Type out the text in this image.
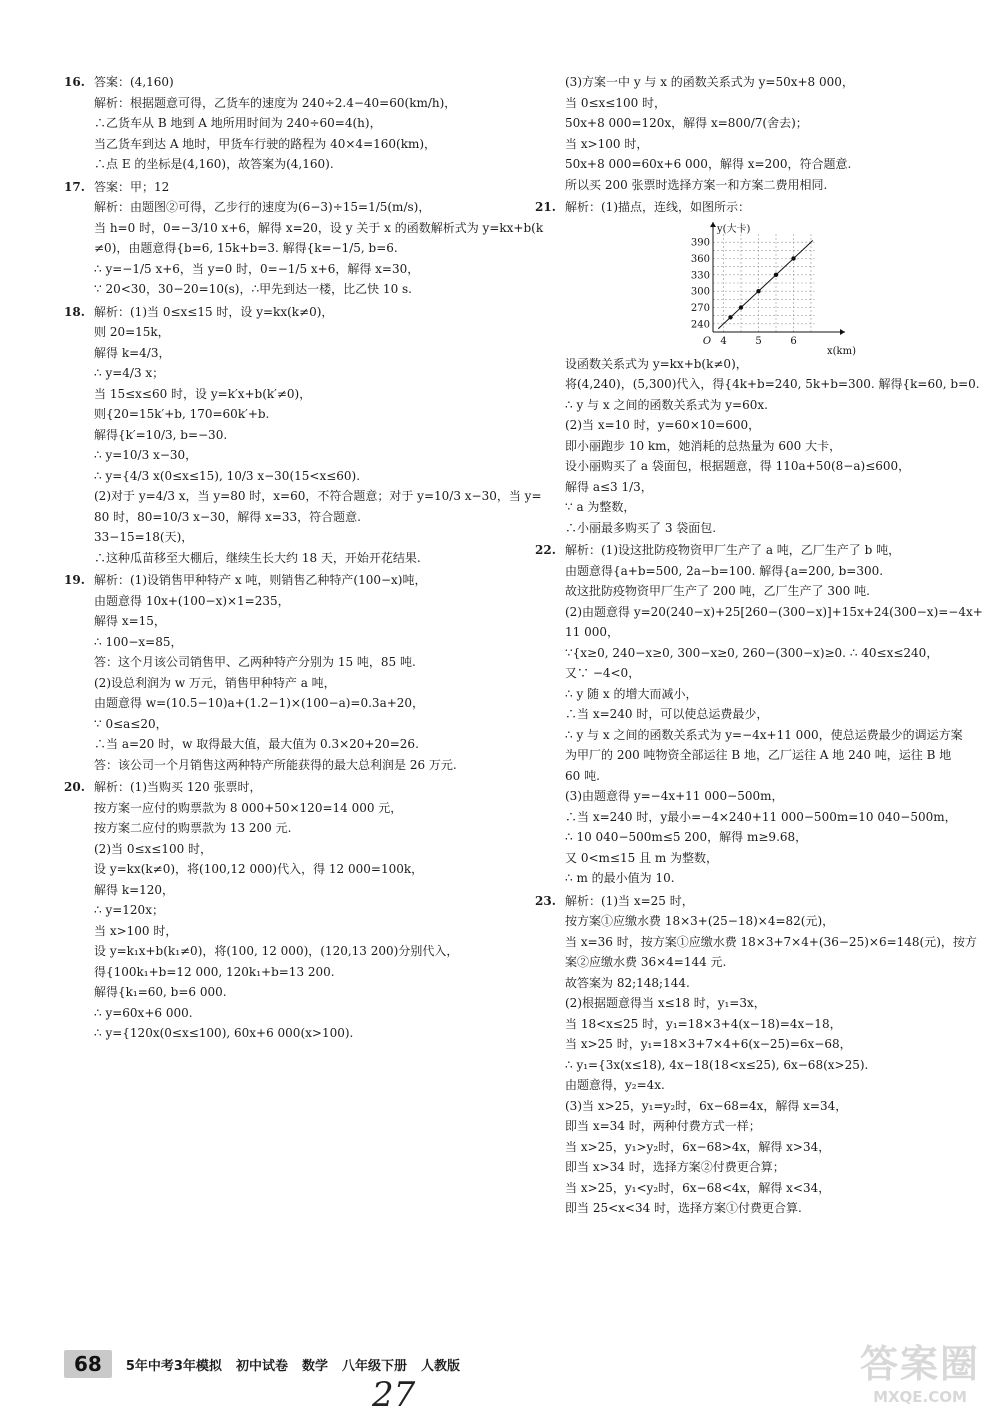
16. 答案：(4,160)
解析：根据题意可得，乙货车的速度为 240÷2.4−40=60(km/h)，
∴乙货车从 B 地到 A 地所用时间为 240÷60=4(h)，
当乙货车到达 A 地时，甲货车行驶的路程为 40×4=160(km)，
∴点 E 的坐标是(4,160)，故答案为(4,160).
17. 答案：甲；12
解析：由题图②可得，乙步行的速度为(6−3)÷15=1/5(m/s)，
当 h=0 时，0=−3/10 x+6，解得 x=20，设 y 关于 x 的函数解析式为 y=kx+b(k
≠0)，由题意得{b=6, 15k+b=3. 解得{k=−1/5, b=6.
∴ y=−1/5 x+6，当 y=0 时，0=−1/5 x+6，解得 x=30，
∵ 20<30，30−20=10(s)，∴甲先到达一楼，比乙快 10 s.
18. 解析：(1)当 0≤x≤15 时，设 y=kx(k≠0)，
则 20=15k，
解得 k=4/3，
∴ y=4/3 x；
当 15≤x≤60 时，设 y=k′x+b(k′≠0)，
则{20=15k′+b, 170=60k′+b.
解得{k′=10/3, b=−30.
∴ y=10/3 x−30，
∴ y={4/3 x(0≤x≤15), 10/3 x−30(15<x≤60).
(2)对于 y=4/3 x，当 y=80 时，x=60，不符合题意；对于 y=10/3 x−30，当 y=
80 时，80=10/3 x−30，解得 x=33，符合题意.
33−15=18(天)，
∴这种瓜苗移至大棚后，继续生长大约 18 天，开始开花结果.
19. 解析：(1)设销售甲种特产 x 吨，则销售乙种特产(100−x)吨，
由题意得 10x+(100−x)×1=235，
解得 x=15，
∴ 100−x=85，
答：这个月该公司销售甲、乙两种特产分别为 15 吨，85 吨.
(2)设总利润为 w 万元，销售甲种特产 a 吨，
由题意得 w=(10.5−10)a+(1.2−1)×(100−a)=0.3a+20，
∵ 0≤a≤20，
∴当 a=20 时，w 取得最大值，最大值为 0.3×20+20=26.
答：该公司一个月销售这两种特产所能获得的最大总利润是 26 万元.
20. 解析：(1)当购买 120 张票时，
按方案一应付的购票款为 8 000+50×120=14 000 元，
按方案二应付的购票款为 13 200 元.
(2)当 0≤x≤100 时，
设 y=kx(k≠0)，将(100,12 000)代入，得 12 000=100k，
解得 k=120，
∴ y=120x；
当 x>100 时，
设 y=k₁x+b(k₁≠0)，将(100, 12 000)，(120,13 200)分别代入，
得{100k₁+b=12 000, 120k₁+b=13 200.
解得{k₁=60, b=6 000.
∴ y=60x+6 000.
∴ y={120x(0≤x≤100), 60x+6 000(x>100).
(3)方案一中 y 与 x 的函数关系式为 y=50x+8 000，
当 0≤x≤100 时，
50x+8 000=120x，解得 x=800/7(舍去)；
当 x>100 时，
50x+8 000=60x+6 000，解得 x=200，符合题意.
所以买 200 张票时选择方案一和方案二费用相同.
21. 解析：(1)描点，连线，如图所示：
240
270
300
330
360
390
4	5	6
O
x(km)
y(大卡)
设函数关系式为 y=kx+b(k≠0)，
将(4,240)，(5,300)代入，得{4k+b=240, 5k+b=300. 解得{k=60, b=0.
∴ y 与 x 之间的函数关系式为 y=60x.
(2)当 x=10 时，y=60×10=600，
即小丽跑步 10 km，她消耗的总热量为 600 大卡，
设小丽购买了 a 袋面包，根据题意，得 110a+50(8−a)≤600，
解得 a≤3 1/3，
∵ a 为整数，
∴小丽最多购买了 3 袋面包.
22. 解析：(1)设这批防疫物资甲厂生产了 a 吨，乙厂生产了 b 吨，
由题意得{a+b=500, 2a−b=100. 解得{a=200, b=300.
故这批防疫物资甲厂生产了 200 吨，乙厂生产了 300 吨.
(2)由题意得 y=20(240−x)+25[260−(300−x)]+15x+24(300−x)=−4x+
11 000，
∵{x≥0, 240−x≥0, 300−x≥0, 260−(300−x)≥0. ∴ 40≤x≤240，
又∵ −4<0，
∴ y 随 x 的增大而减小，
∴当 x=240 时，可以使总运费最少，
∴ y 与 x 之间的函数关系式为 y=−4x+11 000，使总运费最少的调运方案
为甲厂的 200 吨物资全部运往 B 地，乙厂运往 A 地 240 吨，运往 B 地
60 吨.
(3)由题意得 y=−4x+11 000−500m，
∴当 x=240 时，y最小=−4×240+11 000−500m=10 040−500m，
∴ 10 040−500m≤5 200，解得 m≥9.68，
又 0<m≤15 且 m 为整数，
∴ m 的最小值为 10.
23. 解析：(1)当 x=25 时，
按方案①应缴水费 18×3+(25−18)×4=82(元)，
当 x=36 时，按方案①应缴水费 18×3+7×4+(36−25)×6=148(元)，按方
案②应缴水费 36×4=144 元.
故答案为 82;148;144.
(2)根据题意得当 x≤18 时，y₁=3x，
当 18<x≤25 时，y₁=18×3+4(x−18)=4x−18，
当 x>25 时，y₁=18×3+7×4+6(x−25)=6x−68，
∴ y₁={3x(x≤18), 4x−18(18<x≤25), 6x−68(x>25).
由题意得，y₂=4x.
(3)当 x>25，y₁=y₂时，6x−68=4x，解得 x=34，
即当 x=34 时，两种付费方式一样；
当 x>25，y₁>y₂时，6x−68>4x，解得 x>34，
即当 x>34 时，选择方案②付费更合算；
当 x>25，y₁<y₂时，6x−68<4x，解得 x<34，
即当 25<x<34 时，选择方案①付费更合算.
68	5年中考3年模拟 初中试卷 数学 八年级下册 人教版
27
答案圈
MXQE.COM
